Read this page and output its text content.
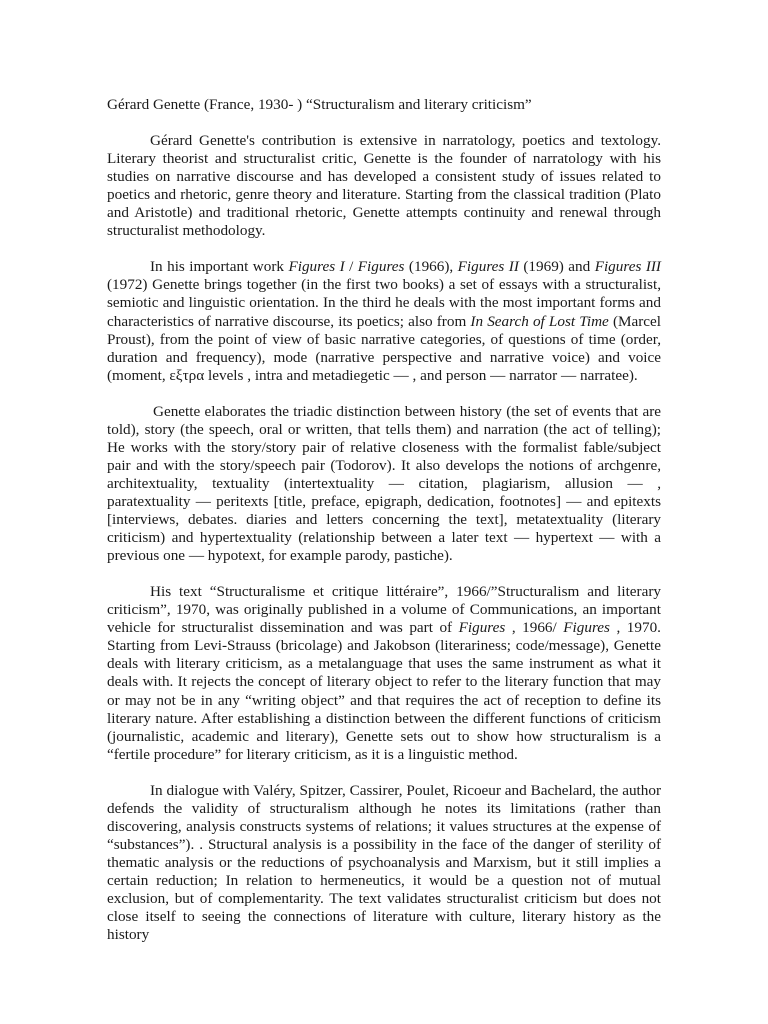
Gérard Genette (France, 1930- ) “Structuralism and literary criticism”

Gérard Genette's contribution is extensive in narratology, poetics and textology. Literary theorist and structuralist critic, Genette is the founder of narratology with his studies on narrative discourse and has developed a consistent study of issues related to poetics and rhetoric, genre theory and literature. Starting from the classical tradition (Plato and Aristotle) and traditional rhetoric, Genette attempts continuity and renewal through structuralist methodology.

In his important work Figures I / Figures (1966), Figures II (1969) and Figures III (1972) Genette brings together (in the first two books) a set of essays with a structuralist, semiotic and linguistic orientation. In the third he deals with the most important forms and characteristics of narrative discourse, its poetics; also from In Search of Lost Time (Marcel Proust), from the point of view of basic narrative categories, of questions of time (order, duration and frequency), mode (narrative perspective and narrative voice) and voice (moment, εξτρα levels , intra and metadiegetic — , and person — narrator — narratee).

Genette elaborates the triadic distinction between history (the set of events that are told), story (the speech, oral or written, that tells them) and narration (the act of telling); He works with the story/story pair of relative closeness with the formalist fable/subject pair and with the story/speech pair (Todorov). It also develops the notions of archgenre, architextuality, textuality (intertextuality — citation, plagiarism, allusion — , paratextuality — peritexts [title, preface, epigraph, dedication, footnotes] — and epitexts [interviews, debates. diaries and letters concerning the text], metatextuality (literary criticism) and hypertextuality (relationship between a later text — hypertext — with a previous one — hypotext, for example parody, pastiche).

His text “Structuralisme et critique littéraire”, 1966/”Structuralism and literary criticism”, 1970, was originally published in a volume of Communications, an important vehicle for structuralist dissemination and was part of Figures , 1966/ Figures , 1970. Starting from Levi-Strauss (bricolage) and Jakobson (literariness; code/message), Genette deals with literary criticism, as a metalanguage that uses the same instrument as what it deals with. It rejects the concept of literary object to refer to the literary function that may or may not be in any “writing object” and that requires the act of reception to define its literary nature. After establishing a distinction between the different functions of criticism (journalistic, academic and literary), Genette sets out to show how structuralism is a “fertile procedure” for literary criticism, as it is a linguistic method.

In dialogue with Valéry, Spitzer, Cassirer, Poulet, Ricoeur and Bachelard, the author defends the validity of structuralism although he notes its limitations (rather than discovering, analysis constructs systems of relations; it values structures at the expense of “substances”). . Structural analysis is a possibility in the face of the danger of sterility of thematic analysis or the reductions of psychoanalysis and Marxism, but it still implies a certain reduction; In relation to hermeneutics, it would be a question not of mutual exclusion, but of complementarity. The text validates structuralist criticism but does not close itself to seeing the connections of literature with culture, literary history as the history
